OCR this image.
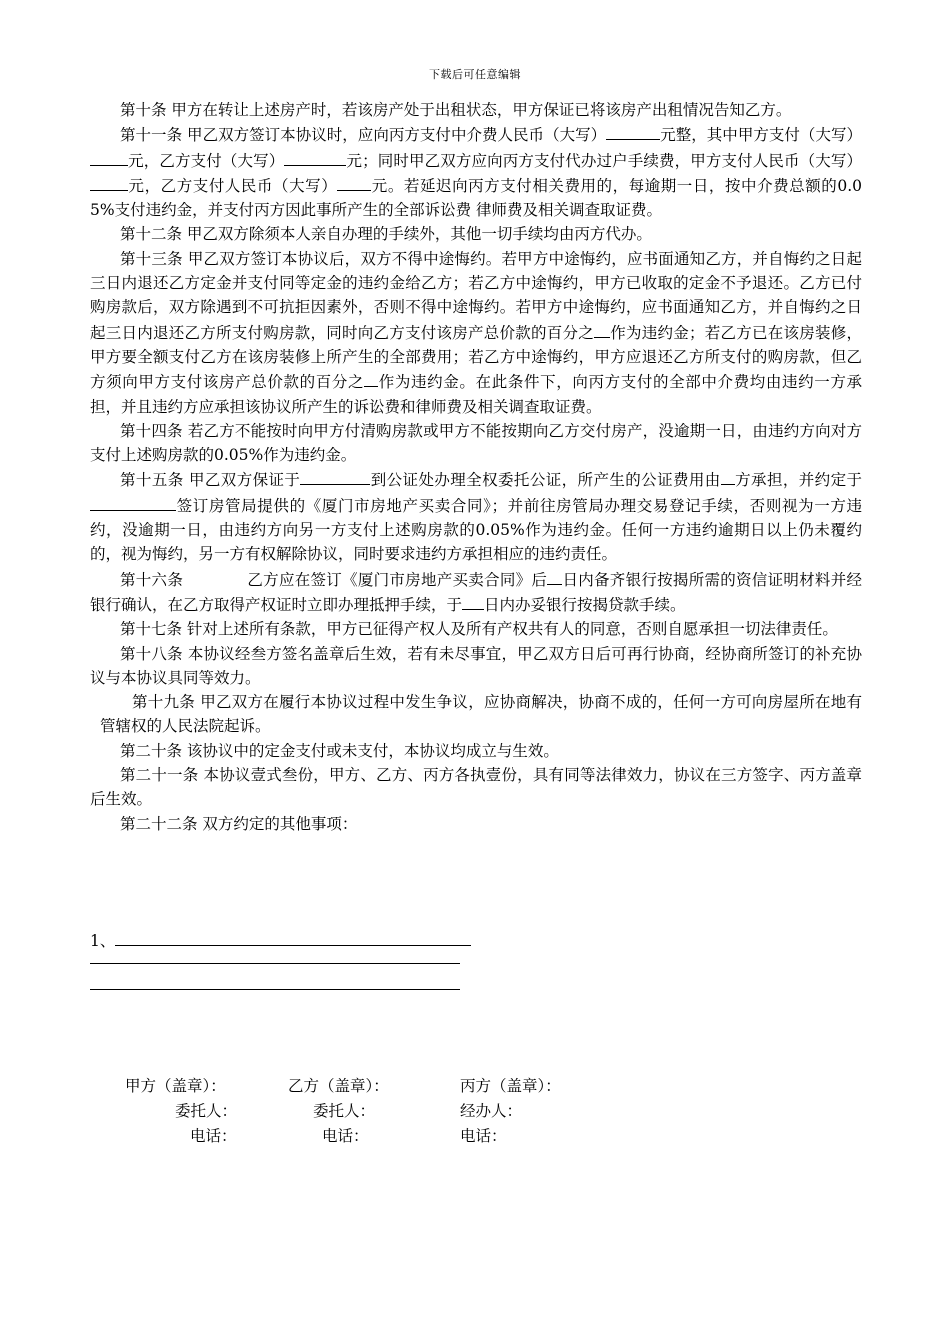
下载后可任意编辑

第十条 甲方在转让上述房产时，若该房产处于出租状态，甲方保证已将该房产出租情况告知乙方。

第十一条 甲乙双方签订本协议时，应向丙方支付中介费人民币（大写）	元整，其中甲方支付（大写）元，乙方支付（大写）	元；同时甲乙双方应向丙方支付代办过户手续费，甲方支付人民币（大写）元，乙方支付人民币（大写） 元。若延迟向丙方支付相关费用的，每逾期一日，按中介费总额的0.05%支付违约金，并支付丙方因此事所产生的全部诉讼费 律师费及相关调查取证费。

第十二条 甲乙双方除须本人亲自办理的手续外，其他一切手续均由丙方代办。

第十三条 甲乙双方签订本协议后，双方不得中途悔约。若甲方中途悔约，应书面通知乙方，并自悔约之日起三日内退还乙方定金并支付同等定金的违约金给乙方；若乙方中途悔约，甲方已收取的定金不予退还。乙方已付购房款后，双方除遇到不可抗拒因素外，否则不得中途悔约。若甲方中途悔约，应书面通知乙方，并自悔约之日起三日内退还乙方所支付购房款，同时向乙方支付该房产总价款的百分之 作为违约金；若乙方已在该房装修，甲方要全额支付乙方在该房装修上所产生的全部费用；若乙方中途悔约，甲方应退还乙方所支付的购房款，但乙方须向甲方支付该房产总价款的百分之 作为违约金。在此条件下，向丙方支付的全部中介费均由违约一方承担，并且违约方应承担该协议所产生的诉讼费和律师费及相关调查取证费。

第十四条 若乙方不能按时向甲方付清购房款或甲方不能按期向乙方交付房产，没逾期一日，由违约方向对方支付上述购房款的0.05%作为违约金。

第十五条 甲乙双方保证于	到公证处办理全权委托公证，所产生的公证费用由 方承担，并约定于签订房管局提供的《厦门市房地产买卖合同》；并前往房管局办理交易登记手续，否则视为一方违约，没逾期一日，由违约方向另一方支付上述购房款的0.05%作为违约金。任何一方违约逾期日以上仍未覆约的，视为悔约，另一方有权解除协议，同时要求违约方承担相应的违约责任。

第十六条	乙方应在签订《厦门市房地产买卖合同》后 日内备齐银行按揭所需的资信证明材料并经银行确认，在乙方取得产权证时立即办理抵押手续，于 日内办妥银行按揭贷款手续。

第十七条 针对上述所有条款，甲方已征得产权人及所有产权共有人的同意，否则自愿承担一切法律责任。

第十八条 本协议经叁方签名盖章后生效，若有未尽事宜，甲乙双方日后可再行协商，经协商所签订的补充协议与本协议具同等效力。

第十九条 甲乙双方在履行本协议过程中发生争议，应协商解决，协商不成的，任何一方可向房屋所在地有管辖权的人民法院起诉。

第二十条 该协议中的定金支付或未支付，本协议均成立与生效。

第二十一条 本协议壹式叁份，甲方、乙方、丙方各执壹份，具有同等法律效力，协议在三方签字、丙方盖章后生效。

第二十二条 双方约定的其他事项：

1、
甲方（盖章）：	乙方（盖章）：	丙方（盖章）：
委托人：	委托人：	经办人：
电话：	电话：	电话：
